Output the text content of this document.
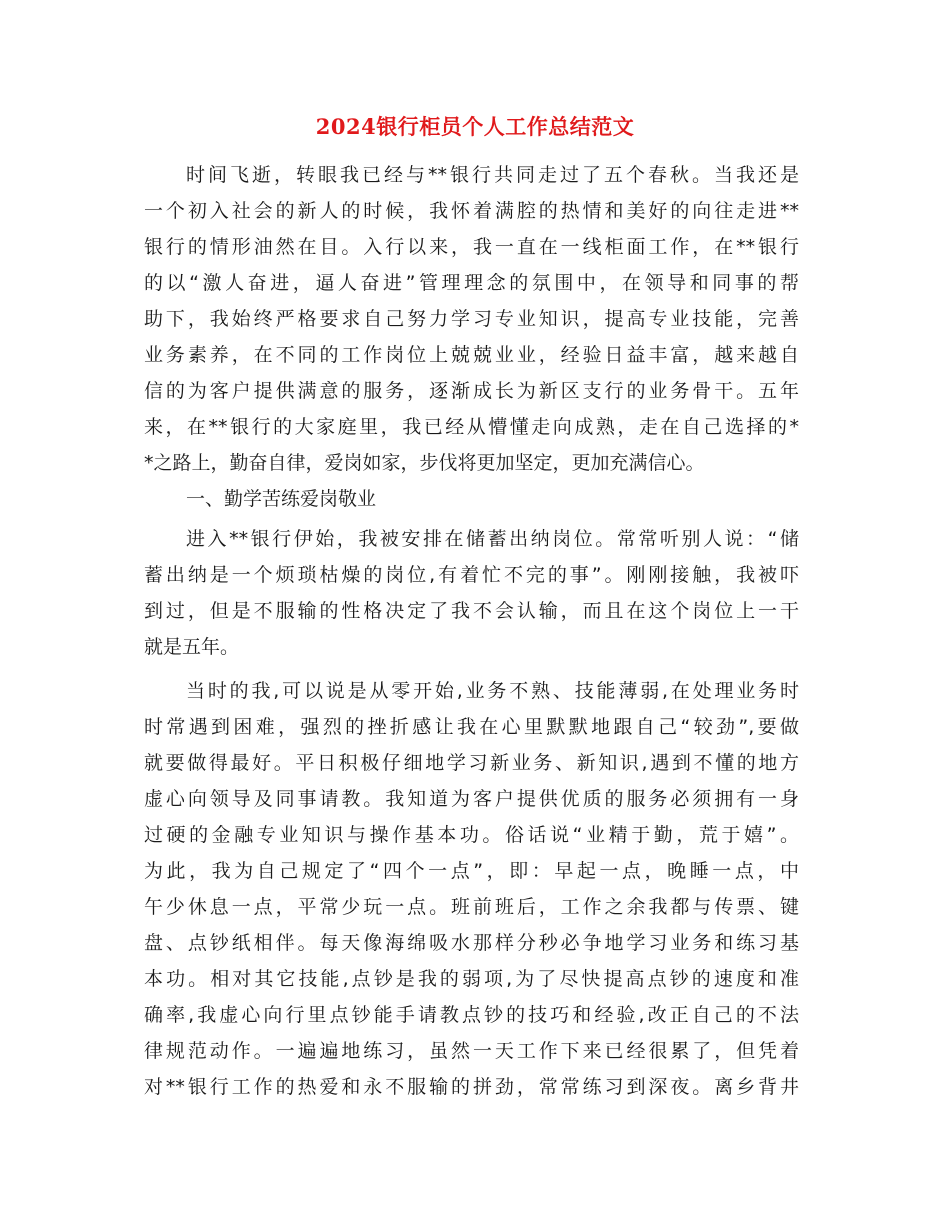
2024银行柜员个人工作总结范文
时间飞逝，转眼我已经与**银行共同走过了五个春秋。当我还是
一个初入社会的新人的时候，我怀着满腔的热情和美好的向往走进**
银行的情形油然在目。入行以来，我一直在一线柜面工作，在**银行
的以“激人奋进，逼人奋进”管理理念的氛围中，在领导和同事的帮
助下，我始终严格要求自己努力学习专业知识，提高专业技能，完善
业务素养，在不同的工作岗位上兢兢业业，经验日益丰富，越来越自
信的为客户提供满意的服务，逐渐成长为新区支行的业务骨干。五年
来，在**银行的大家庭里，我已经从懵懂走向成熟，走在自己选择的*
*之路上，勤奋自律，爱岗如家，步伐将更加坚定，更加充满信心。
一、勤学苦练爱岗敬业
进入**银行伊始，我被安排在储蓄出纳岗位。常常听别人说：“储
蓄出纳是一个烦琐枯燥的岗位,有着忙不完的事”。刚刚接触，我被吓
到过，但是不服输的性格决定了我不会认输，而且在这个岗位上一干
就是五年。
当时的我,可以说是从零开始,业务不熟、技能薄弱,在处理业务时
时常遇到困难，强烈的挫折感让我在心里默默地跟自己“较劲”,要做
就要做得最好。平日积极仔细地学习新业务、新知识,遇到不懂的地方
虚心向领导及同事请教。我知道为客户提供优质的服务必须拥有一身
过硬的金融专业知识与操作基本功。俗话说“业精于勤，荒于嬉”。
为此，我为自己规定了“四个一点”，即：早起一点，晚睡一点，中
午少休息一点，平常少玩一点。班前班后，工作之余我都与传票、键
盘、点钞纸相伴。每天像海绵吸水那样分秒必争地学习业务和练习基
本功。相对其它技能,点钞是我的弱项,为了尽快提高点钞的速度和准
确率,我虚心向行里点钞能手请教点钞的技巧和经验,改正自己的不法
律规范动作。一遍遍地练习，虽然一天工作下来已经很累了，但凭着
对**银行工作的热爱和永不服输的拼劲，常常练习到深夜。离乡背井
